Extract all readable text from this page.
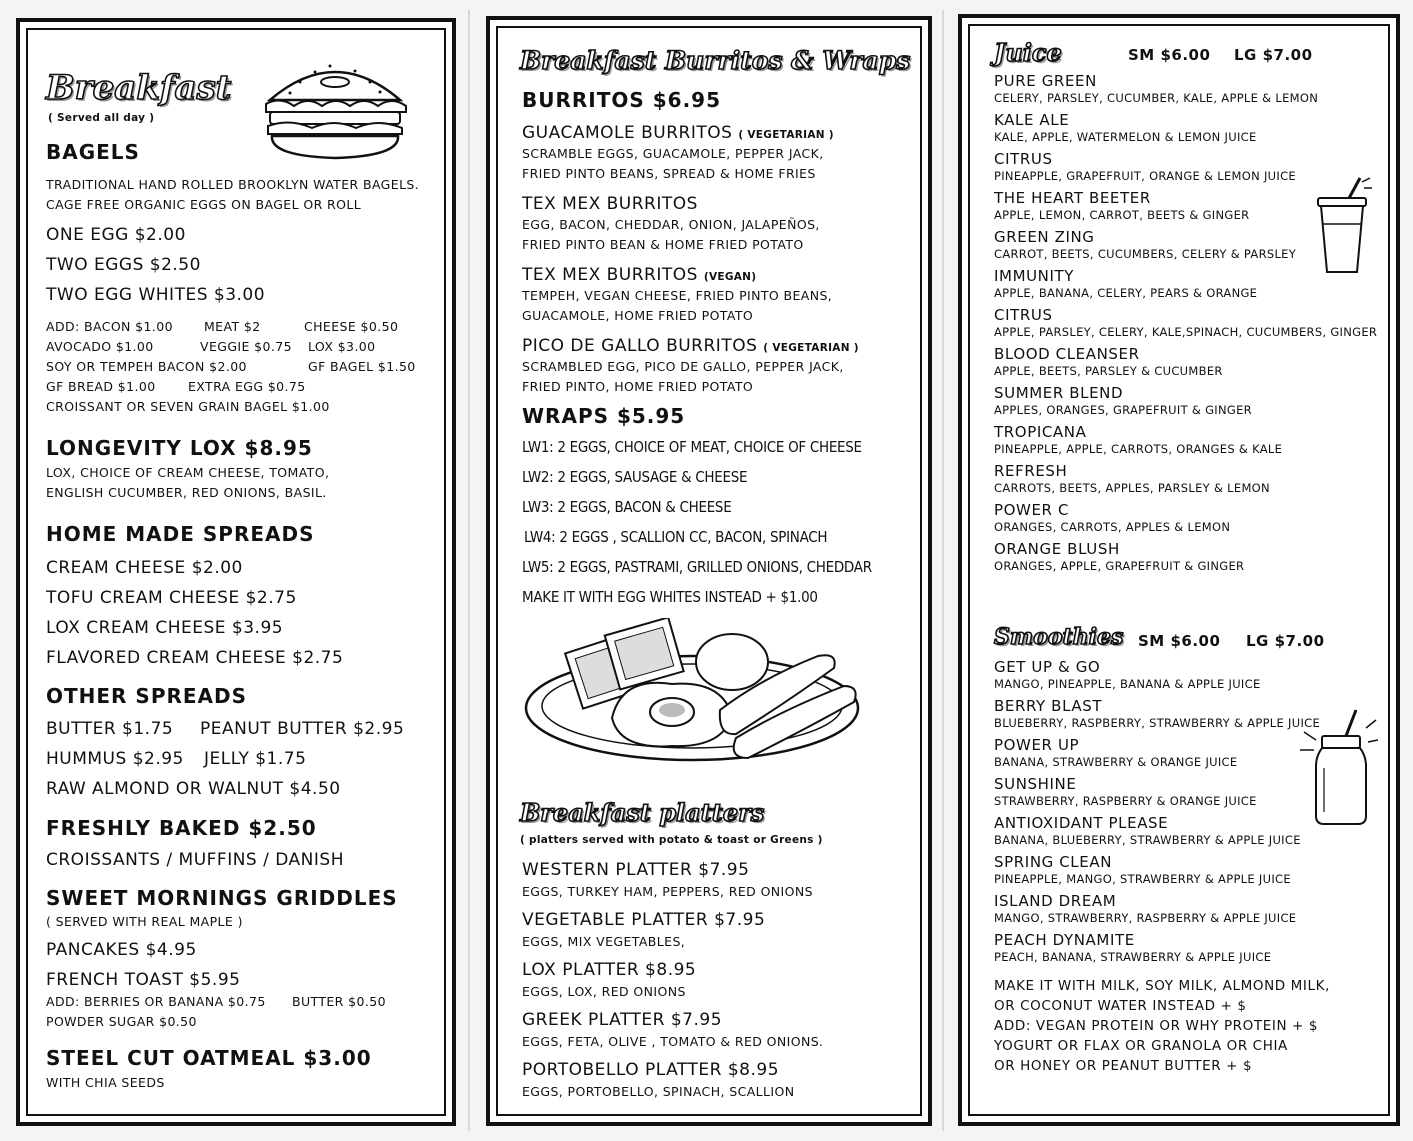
Breakfast
( Served all day )
BAGELS
TRADITIONAL HAND ROLLED BROOKLYN WATER BAGELS.
CAGE FREE ORGANIC EGGS ON BAGEL OR ROLL
ONE EGG $2.00
TWO EGGS $2.50
TWO EGG WHITES $3.00
ADD: BACON $1.00 MEAT $2	CHEESE $0.50
AVOCADO $1.00	VEGGIE $0.75 LOX $3.00
SOY OR TEMPEH BACON $2.00	GF BAGEL $1.50
GF BREAD $1.00	EXTRA EGG $0.75
CROISSANT OR SEVEN GRAIN BAGEL $1.00
LONGEVITY LOX $8.95
LOX, CHOICE OF CREAM CHEESE, TOMATO,
ENGLISH CUCUMBER, RED ONIONS, BASIL.
HOME MADE SPREADS
CREAM CHEESE $2.00
TOFU CREAM CHEESE $2.75
LOX CREAM CHEESE $3.95
FLAVORED CREAM CHEESE $2.75
OTHER SPREADS
BUTTER $1.75 PEANUT BUTTER $2.95
HUMMUS $2.95 JELLY $1.75
RAW ALMOND OR WALNUT $4.50
FRESHLY BAKED $2.50
CROISSANTS / MUFFINS / DANISH
SWEET MORNINGS GRIDDLES
( SERVED WITH REAL MAPLE )
PANCAKES $4.95
FRENCH TOAST $5.95
ADD: BERRIES OR BANANA $0.75 BUTTER $0.50
POWDER SUGAR $0.50
STEEL CUT OATMEAL $3.00
WITH CHIA SEEDS
Breakfast Burritos & Wraps
BURRITOS $6.95
GUACAMOLE BURRITOS ( VEGETARIAN )
SCRAMBLE EGGS, GUACAMOLE, PEPPER JACK,
FRIED PINTO BEANS, SPREAD & HOME FRIES
TEX MEX BURRITOS
EGG, BACON, CHEDDAR, ONION, JALAPEÑOS,
FRIED PINTO BEAN & HOME FRIED POTATO
TEX MEX BURRITOS (VEGAN)
TEMPEH, VEGAN CHEESE, FRIED PINTO BEANS,
GUACAMOLE, HOME FRIED POTATO
PICO DE GALLO BURRITOS ( VEGETARIAN )
SCRAMBLED EGG, PICO DE GALLO, PEPPER JACK,
FRIED PINTO, HOME FRIED POTATO
WRAPS $5.95
LW1: 2 EGGS, CHOICE OF MEAT, CHOICE OF CHEESE
LW2: 2 EGGS, SAUSAGE & CHEESE
LW3: 2 EGGS, BACON & CHEESE
LW4: 2 EGGS , SCALLION CC, BACON, SPINACH
LW5: 2 EGGS, PASTRAMI, GRILLED ONIONS, CHEDDAR
MAKE IT WITH EGG WHITES INSTEAD + $1.00
Breakfast platters
( platters served with potato & toast or Greens )
WESTERN PLATTER $7.95
EGGS, TURKEY HAM, PEPPERS, RED ONIONS
VEGETABLE PLATTER $7.95
EGGS, MIX VEGETABLES,
LOX PLATTER $8.95
EGGS, LOX, RED ONIONS
GREEK PLATTER $7.95
EGGS, FETA, OLIVE , TOMATO & RED ONIONS.
PORTOBELLO PLATTER $8.95
EGGS, PORTOBELLO, SPINACH, SCALLION
Juice	SM $6.00 LG $7.00
PURE GREEN
CELERY, PARSLEY, CUCUMBER, KALE, APPLE & LEMON
KALE ALE
KALE, APPLE, WATERMELON & LEMON JUICE
CITRUS
PINEAPPLE, GRAPEFRUIT, ORANGE & LEMON JUICE
THE HEART BEETER
APPLE, LEMON, CARROT, BEETS & GINGER
GREEN ZING
CARROT, BEETS, CUCUMBERS, CELERY & PARSLEY
IMMUNITY
APPLE, BANANA, CELERY, PEARS & ORANGE
CITRUS
APPLE, PARSLEY, CELERY, KALE,SPINACH, CUCUMBERS, GINGER
BLOOD CLEANSER
APPLE, BEETS, PARSLEY & CUCUMBER
SUMMER BLEND
APPLES, ORANGES, GRAPEFRUIT & GINGER
TROPICANA
PINEAPPLE, APPLE, CARROTS, ORANGES & KALE
REFRESH
CARROTS, BEETS, APPLES, PARSLEY & LEMON
POWER C
ORANGES, CARROTS, APPLES & LEMON
ORANGE BLUSH
ORANGES, APPLE, GRAPEFRUIT & GINGER
Smoothies SM $6.00 LG $7.00
GET UP & GO
MANGO, PINEAPPLE, BANANA & APPLE JUICE
BERRY BLAST
BLUEBERRY, RASPBERRY, STRAWBERRY & APPLE JUICE
POWER UP
BANANA, STRAWBERRY & ORANGE JUICE
SUNSHINE
STRAWBERRY, RASPBERRY & ORANGE JUICE
ANTIOXIDANT PLEASE
BANANA, BLUEBERRY, STRAWBERRY & APPLE JUICE
SPRING CLEAN
PINEAPPLE, MANGO, STRAWBERRY & APPLE JUICE
ISLAND DREAM
MANGO, STRAWBERRY, RASPBERRY & APPLE JUICE
PEACH DYNAMITE
PEACH, BANANA, STRAWBERRY & APPLE JUICE
MAKE IT WITH MILK, SOY MILK, ALMOND MILK,
OR COCONUT WATER INSTEAD + $
ADD: VEGAN PROTEIN OR WHY PROTEIN + $
YOGURT OR FLAX OR GRANOLA OR CHIA
OR HONEY OR PEANUT BUTTER + $
